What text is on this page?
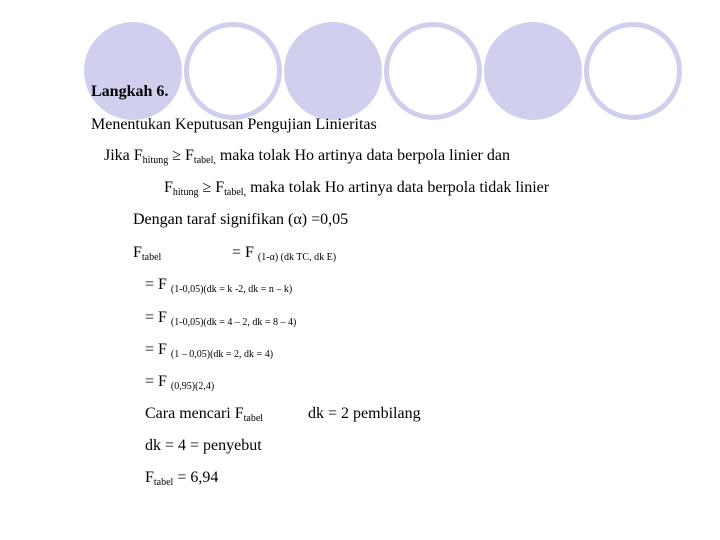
Langkah 6.
Menentukan Keputusan Pengujian Linieritas
Jika $F_{hitung} \ge F_{tabel,}$ maka tolak Ho artinya data berpola linier dan
$F_{hitung} \ge F_{tabel,}$ maka tolak Ho artinya data berpola tidak linier
Dengan taraf signifikan (α) =0,05
$F_{tabel}$	= F $_{(1-\alpha) (dk TC, dk E)}$
= F $_{(1-0,05)(dk = k -2, dk = n - k)}$
= F $_{(1-0,05)(dk = 4 - 2, dk = 8 - 4)}$
= F $_{(1 - 0,05)(dk = 2, dk = 4)}$
= F $_{(0,95)(2,4)}$
Cara mencari $F_{tabel}$	dk = 2 pembilang
dk = 4 = penyebut
$F_{tabel} = 6,94$
